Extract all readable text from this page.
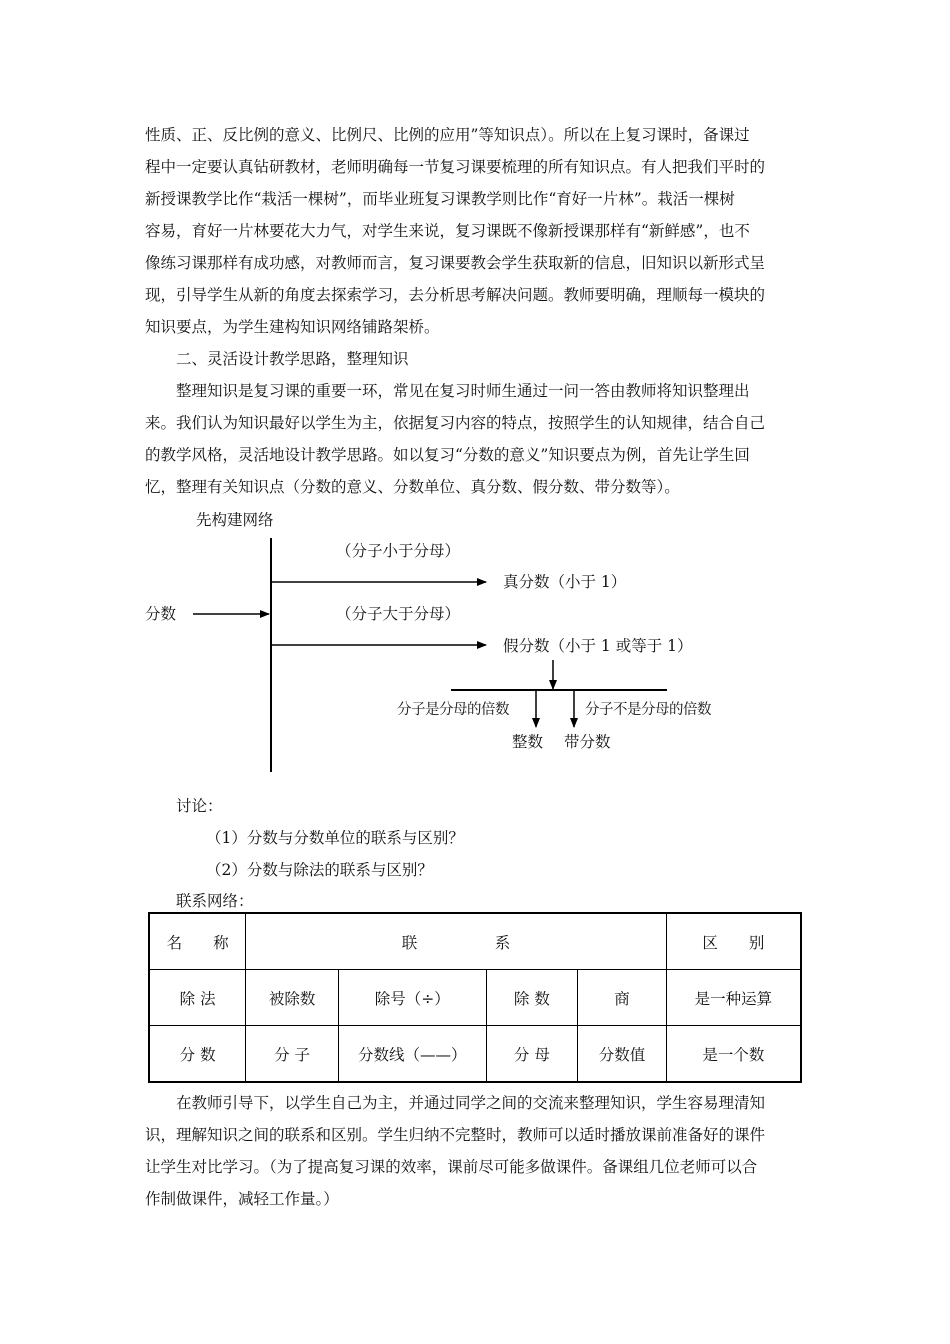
性质、正、反比例的意义、比例尺、比例的应用”等知识点）。所以在上复习课时，备课过
程中一定要认真钻研教材，老师明确每一节复习课要梳理的所有知识点。有人把我们平时的
新授课教学比作“栽活一棵树”，而毕业班复习课教学则比作“育好一片林”。栽活一棵树
容易，育好一片林要花大力气，对学生来说，复习课既不像新授课那样有“新鲜感”，也不
像练习课那样有成功感，对教师而言，复习课要教会学生获取新的信息，旧知识以新形式呈
现，引导学生从新的角度去探索学习，去分析思考解决问题。教师要明确，理顺每一模块的
知识要点，为学生建构知识网络铺路架桥。
二、灵活设计教学思路，整理知识
整理知识是复习课的重要一环，常见在复习时师生通过一问一答由教师将知识整理出
来。我们认为知识最好以学生为主，依据复习内容的特点，按照学生的认知规律，结合自己
的教学风格，灵活地设计教学思路。如以复习“分数的意义”知识要点为例，首先让学生回
忆，整理有关知识点（分数的意义、分数单位、真分数、假分数、带分数等）。
先构建网络
分数
（分子小于分母）
真分数（小于 1）
（分子大于分母）
假分数（小于 1 或等于 1）
分子是分母的倍数	分子不是分母的倍数
整数 带分数
讨论：
（1）分数与分数单位的联系与区别？
（2）分数与除法的联系与区别？
联系网络：
名　　称	联　　　　　系				区　　别
除 法	被除数	除号（÷）	除 数	商	是一种运算
分 数	分 子	分数线（——）	分 母	分数值	是一个数
在教师引导下，以学生自己为主，并通过同学之间的交流来整理知识，学生容易理清知
识，理解知识之间的联系和区别。学生归纳不完整时，教师可以适时播放课前准备好的课件
让学生对比学习。（为了提高复习课的效率，课前尽可能多做课件。备课组几位老师可以合
作制做课件，减轻工作量。）
